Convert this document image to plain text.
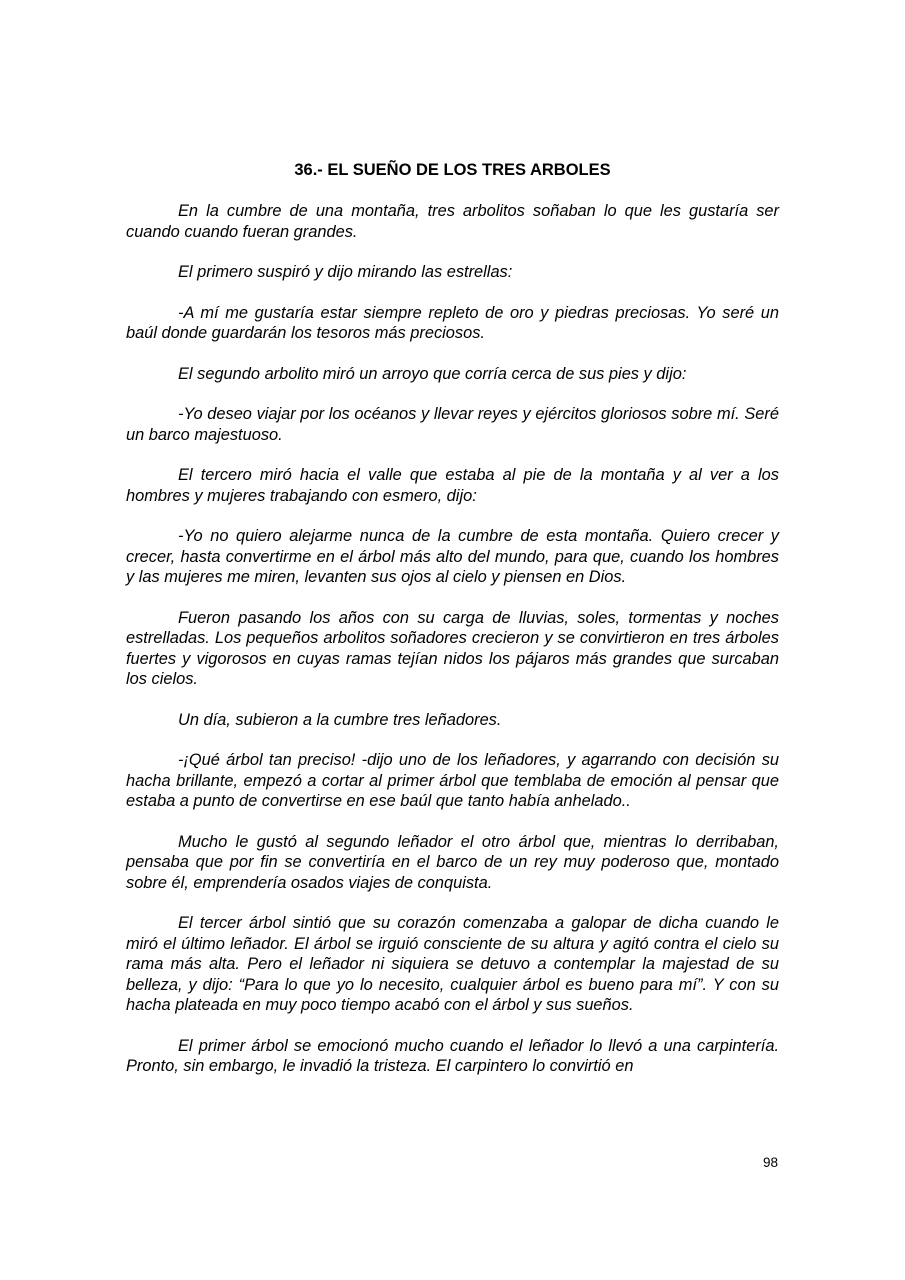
36.- EL SUEÑO DE LOS TRES ARBOLES

En la cumbre de una montaña, tres arbolitos soñaban lo que les gustaría ser cuando cuando fueran grandes.

El primero suspiró y dijo mirando las estrellas:

-A mí me gustaría estar siempre repleto de oro y piedras preciosas. Yo seré un baúl donde guardarán los tesoros más preciosos.

El segundo arbolito miró un arroyo que corría cerca de sus pies y dijo:

-Yo deseo viajar por los océanos y llevar reyes y ejércitos gloriosos sobre mí. Seré un barco majestuoso.

El tercero miró hacia el valle que estaba al pie de la montaña y al ver a los hombres y mujeres trabajando con esmero, dijo:

-Yo no quiero alejarme nunca de la cumbre de esta montaña. Quiero crecer y crecer, hasta convertirme en el árbol más alto del mundo, para que, cuando los hombres y las mujeres me miren, levanten sus ojos al cielo y piensen en Dios.

Fueron pasando los años con su carga de lluvias, soles, tormentas y noches estrelladas. Los pequeños arbolitos soñadores crecieron y se convirtieron en tres árboles fuertes y vigorosos en cuyas ramas tejían nidos los pájaros más grandes que surcaban los cielos.

Un día, subieron a la cumbre tres leñadores.

-¡Qué árbol tan preciso! -dijo uno de los leñadores, y agarrando con decisión su hacha brillante, empezó a cortar al primer árbol que temblaba de emoción al pensar que estaba a punto de convertirse en ese baúl que tanto había anhelado..

Mucho le gustó al segundo leñador el otro árbol que, mientras lo derribaban, pensaba que por fin se convertiría en el barco de un rey muy poderoso que, montado sobre él, emprendería osados viajes de conquista.

El tercer árbol sintió que su corazón comenzaba a galopar de dicha cuando le miró el último leñador. El árbol se irguió consciente de su altura y agitó contra el cielo su rama más alta. Pero el leñador ni siquiera se detuvo a contemplar la majestad de su belleza, y dijo: “Para lo que yo lo necesito, cualquier árbol es bueno para mí”. Y con su hacha plateada en muy poco tiempo acabó con el árbol y sus sueños.

El primer árbol se emocionó mucho cuando el leñador lo llevó a una carpintería. Pronto, sin embargo, le invadió la tristeza. El carpintero lo convirtió en

98
